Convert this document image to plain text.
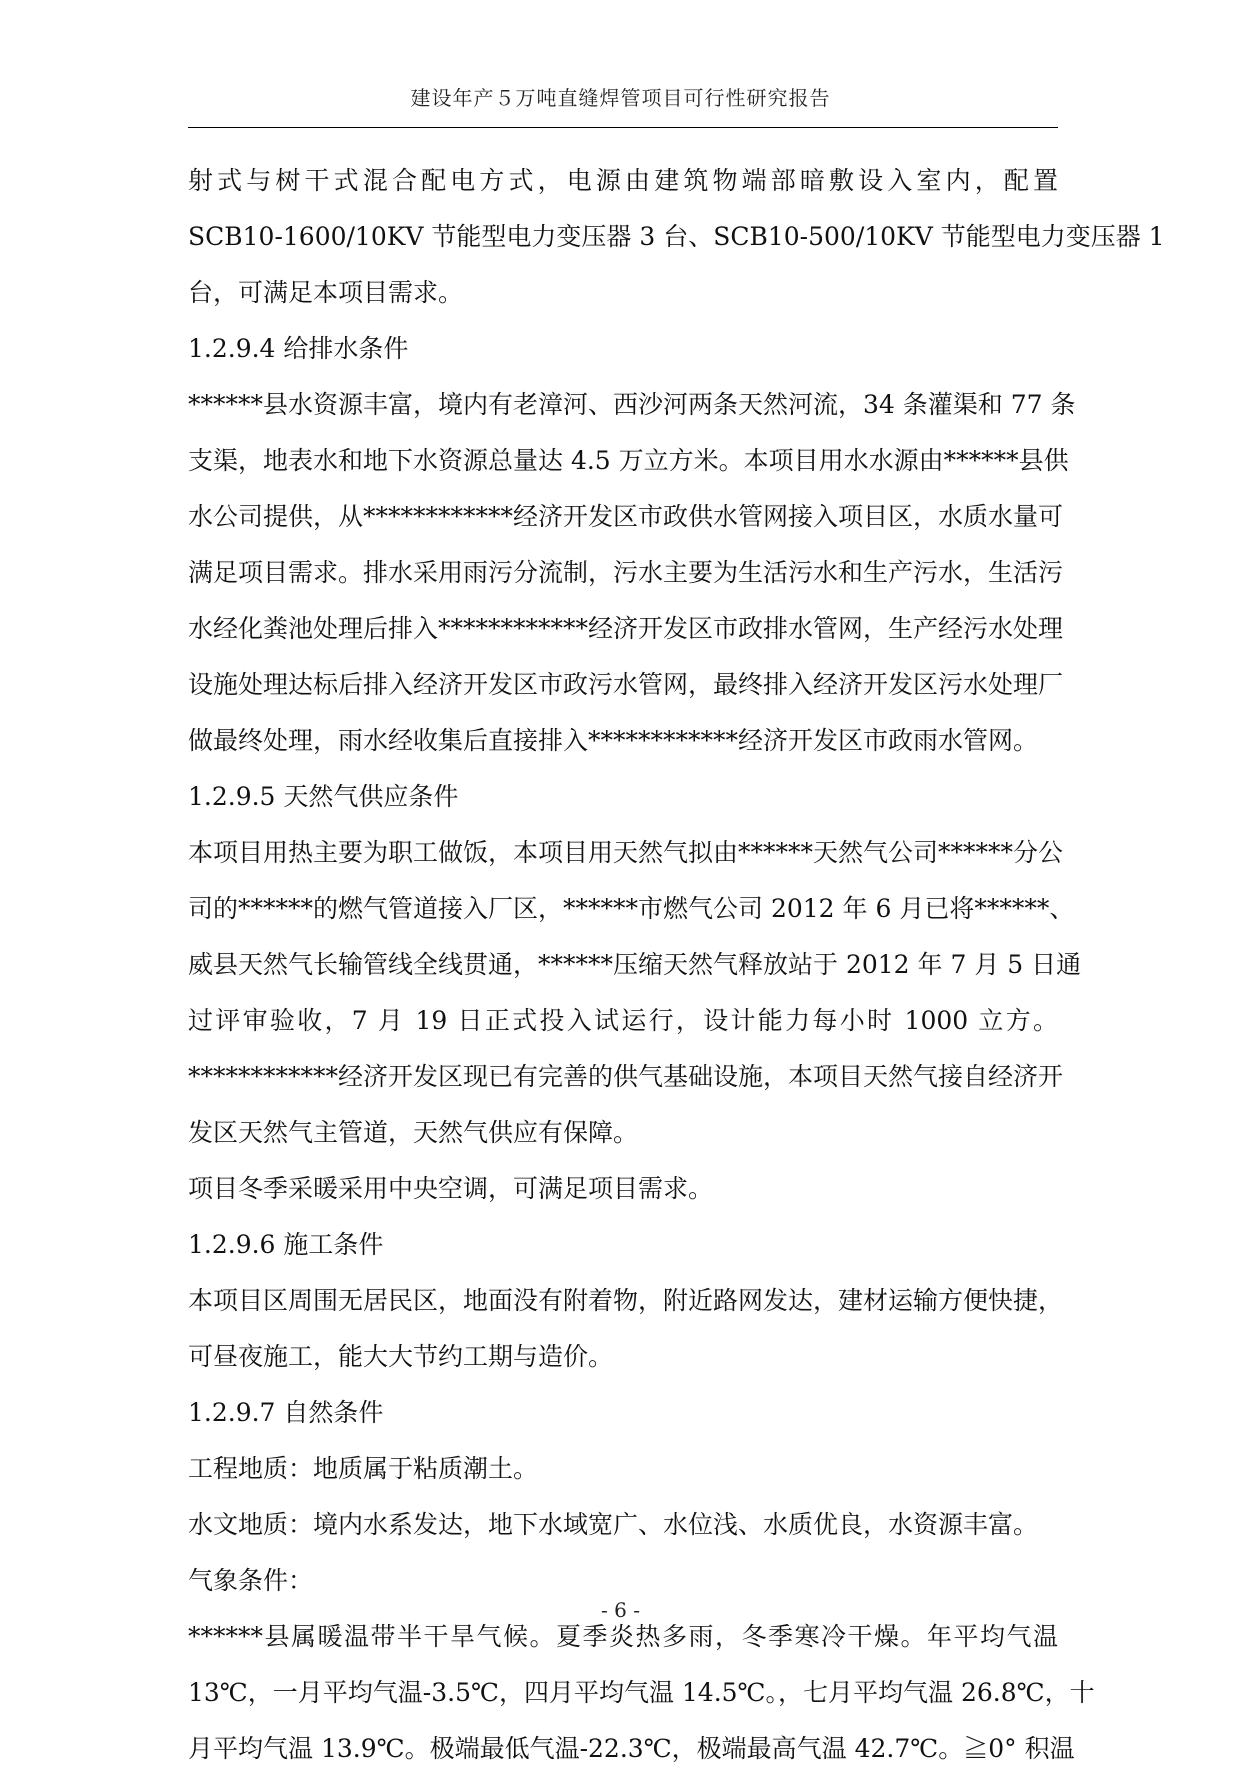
建设年产５万吨直缝焊管项目可行性研究报告
射式与树干式混合配电方式，电源由建筑物端部暗敷设入室内，配置
SCB10-1600/10KV 节能型电力变压器 3 台、SCB10-500/10KV 节能型电力变压器 1
台，可满足本项目需求。
1.2.9.4 给排水条件
******县水资源丰富，境内有老漳河、西沙河两条天然河流，34 条灌渠和 77 条
支渠，地表水和地下水资源总量达 4.5 万立方米。本项目用水水源由******县供
水公司提供，从************经济开发区市政供水管网接入项目区，水质水量可
满足项目需求。排水采用雨污分流制，污水主要为生活污水和生产污水，生活污
水经化粪池处理后排入************经济开发区市政排水管网，生产经污水处理
设施处理达标后排入经济开发区市政污水管网，最终排入经济开发区污水处理厂
做最终处理，雨水经收集后直接排入************经济开发区市政雨水管网。
1.2.9.5 天然气供应条件
本项目用热主要为职工做饭，本项目用天然气拟由******天然气公司******分公
司的******的燃气管道接入厂区，******市燃气公司 2012 年 6 月已将******、
威县天然气长输管线全线贯通，******压缩天然气释放站于 2012 年 7 月 5 日通
过评审验收，7 月 19 日正式投入试运行，设计能力每小时 1000 立方。
************经济开发区现已有完善的供气基础设施，本项目天然气接自经济开
发区天然气主管道，天然气供应有保障。
项目冬季采暖采用中央空调，可满足项目需求。
1.2.9.6 施工条件
本项目区周围无居民区，地面没有附着物，附近路网发达，建材运输方便快捷，
可昼夜施工，能大大节约工期与造价。
1.2.9.7 自然条件
工程地质：地质属于粘质潮土。
水文地质：境内水系发达，地下水域宽广、水位浅、水质优良，水资源丰富。
气象条件：
******县属暖温带半干旱气候。夏季炎热多雨，冬季寒冷干燥。年平均气温
13℃，一月平均气温-3.5℃，四月平均气温 14.5℃。，七月平均气温 26.8℃，十
月平均气温 13.9℃。极端最低气温-22.3℃，极端最高气温 42.7℃。≧0° 积温
- 6 -
